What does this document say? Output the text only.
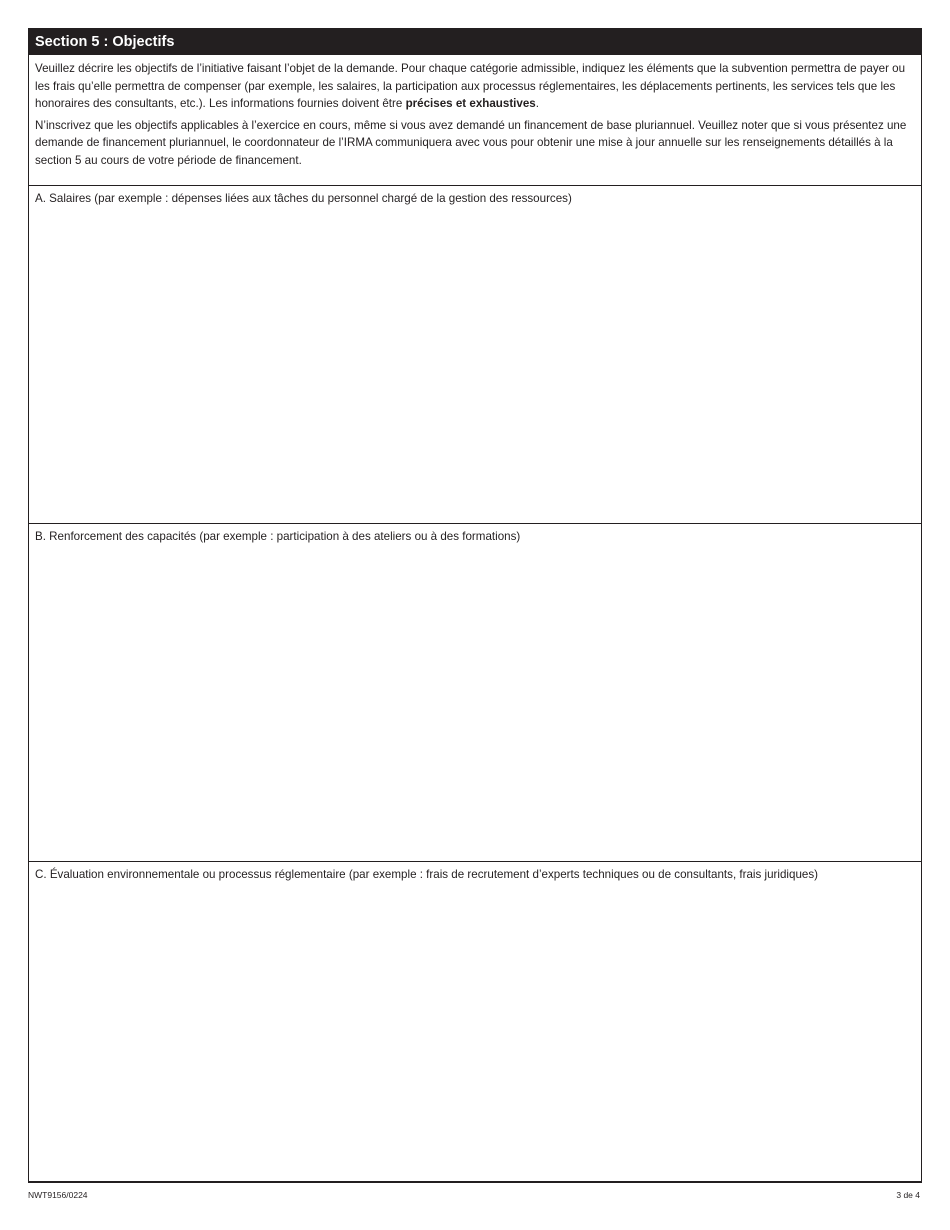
Section 5 : Objectifs

Veuillez décrire les objectifs de l’initiative faisant l’objet de la demande. Pour chaque catégorie admissible, indiquez les éléments que la subvention permettra de payer ou les frais qu’elle permettra de compenser (par exemple, les salaires, la participation aux processus réglementaires, les déplacements pertinents, les services tels que les honoraires des consultants, etc.). Les informations fournies doivent être précises et exhaustives.

N’inscrivez que les objectifs applicables à l’exercice en cours, même si vous avez demandé un financement de base pluriannuel. Veuillez noter que si vous présentez une demande de financement pluriannuel, le coordonnateur de l’IRMA communiquera avec vous pour obtenir une mise à jour annuelle sur les renseignements détaillés à la section 5 au cours de votre période de financement.

A. Salaires (par exemple : dépenses liées aux tâches du personnel chargé de la gestion des ressources)
B. Renforcement des capacités (par exemple : participation à des ateliers ou à des formations)
C. Évaluation environnementale ou processus réglementaire (par exemple : frais de recrutement d’experts techniques ou de consultants, frais juridiques)
NWT9156/0224	3 de 4
